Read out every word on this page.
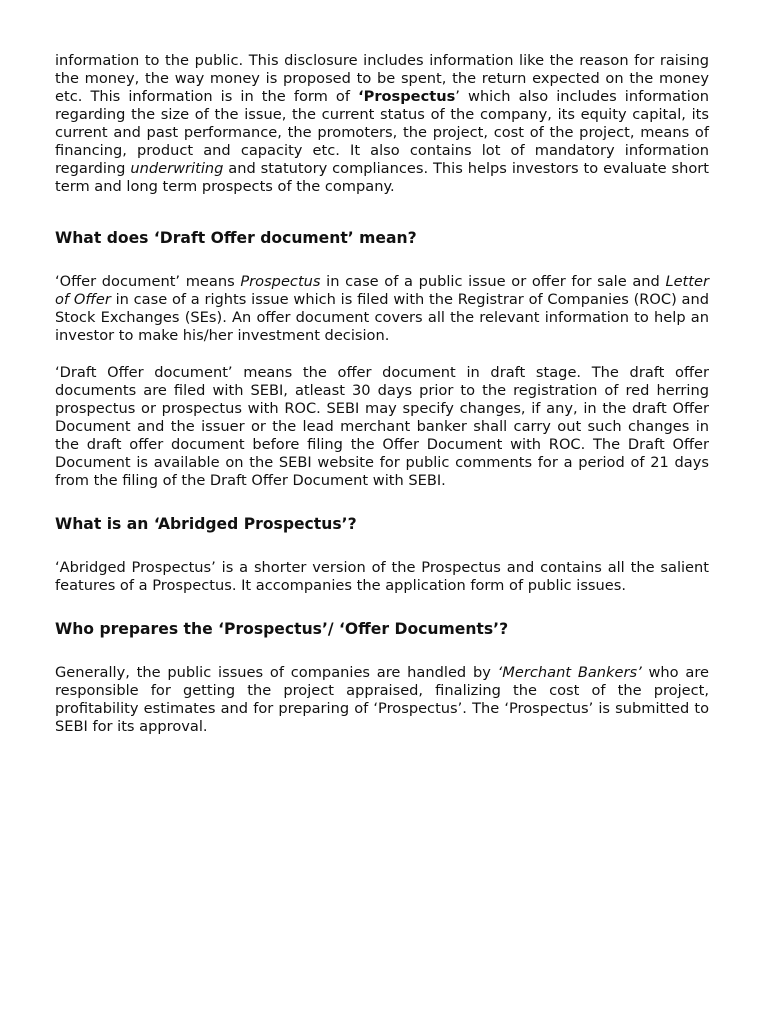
information to the public. This disclosure includes information like the reason for raising the money, the way money is proposed to be spent, the return expected on the money etc. This information is in the form of ‘Prospectus’ which also includes information regarding the size of the issue, the current status of the company, its equity capital, its current and past performance, the promoters, the project, cost of the project, means of financing, product and capacity etc. It also contains lot of mandatory information regarding underwriting and statutory compliances. This helps investors to evaluate short term and long term prospects of the company.

What does ‘Draft Offer document’ mean?

‘Offer document’ means Prospectus in case of a public issue or offer for sale and Letter of Offer in case of a rights issue which is filed with the Registrar of Companies (ROC) and Stock Exchanges (SEs). An offer document covers all the relevant information to help an investor to make his/her investment decision.

‘Draft Offer document’ means the offer document in draft stage. The draft offer documents are filed with SEBI, atleast 30 days prior to the registration of red herring prospectus or prospectus with ROC. SEBI may specify changes, if any, in the draft Offer Document and the issuer or the lead merchant banker shall carry out such changes in the draft offer document before filing the Offer Document with ROC. The Draft Offer Document is available on the SEBI website for public comments for a period of 21 days from the filing of the Draft Offer Document with SEBI.

What is an ‘Abridged Prospectus’?

‘Abridged Prospectus’ is a shorter version of the Prospectus and contains all the salient features of a Prospectus. It accompanies the application form of public issues.

Who prepares the ‘Prospectus’/ ‘Offer Documents’?

Generally, the public issues of companies are handled by ‘Merchant Bankers’ who are responsible for getting the project appraised, finalizing the cost of the project, profitability estimates and for preparing of ‘Prospectus’. The ‘Prospectus’ is submitted to SEBI for its approval.
